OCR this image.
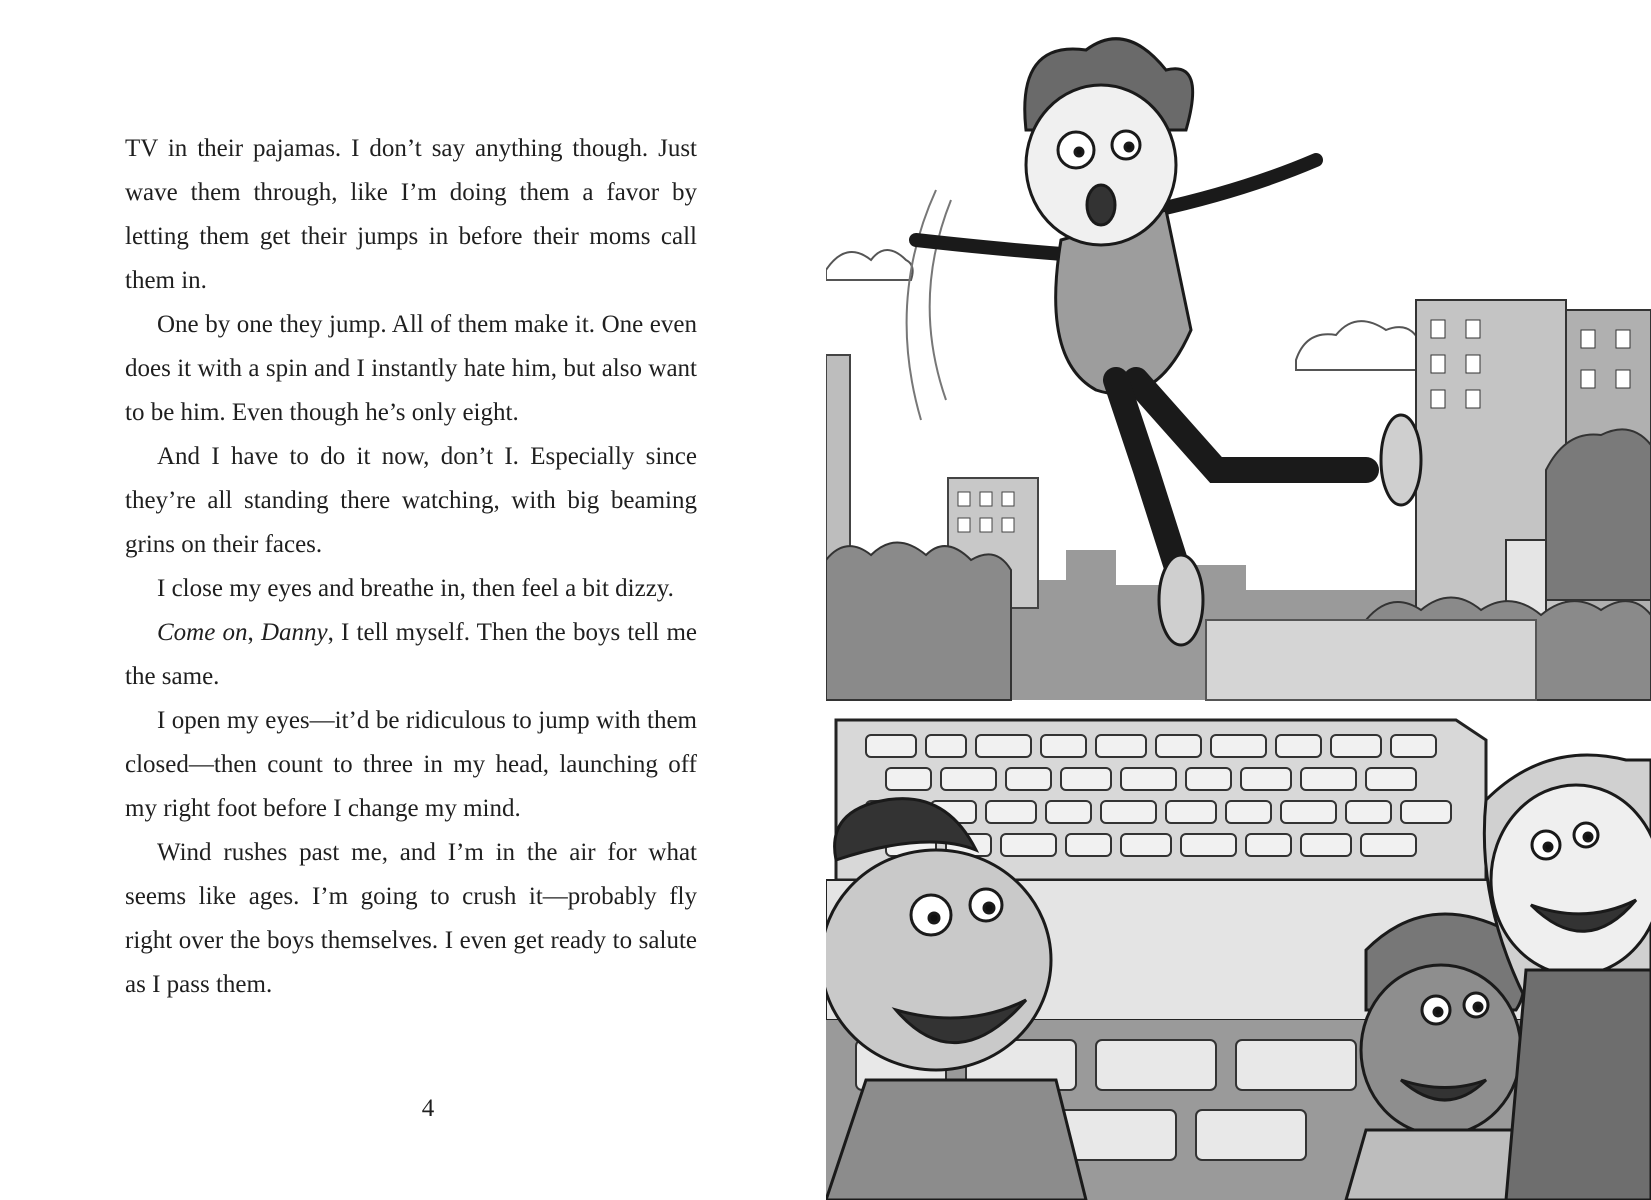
TV in their pajamas. I don’t say anything though. Just wave them through, like I’m doing them a favor by letting them get their jumps in before their moms call them in.

One by one they jump. All of them make it. One even does it with a spin and I instantly hate him, but also want to be him. Even though he’s only eight.

And I have to do it now, don’t I. Especially since they’re all standing there watching, with big beaming grins on their faces.

I close my eyes and breathe in, then feel a bit dizzy.

Come on, Danny, I tell myself. Then the boys tell me the same.

I open my eyes—it’d be ridiculous to jump with them closed—then count to three in my head, launching off my right foot before I change my mind.

Wind rushes past me, and I’m in the air for what seems like ages. I’m going to crush it—probably fly right over the boys themselves. I even get ready to salute as I pass them.

4
